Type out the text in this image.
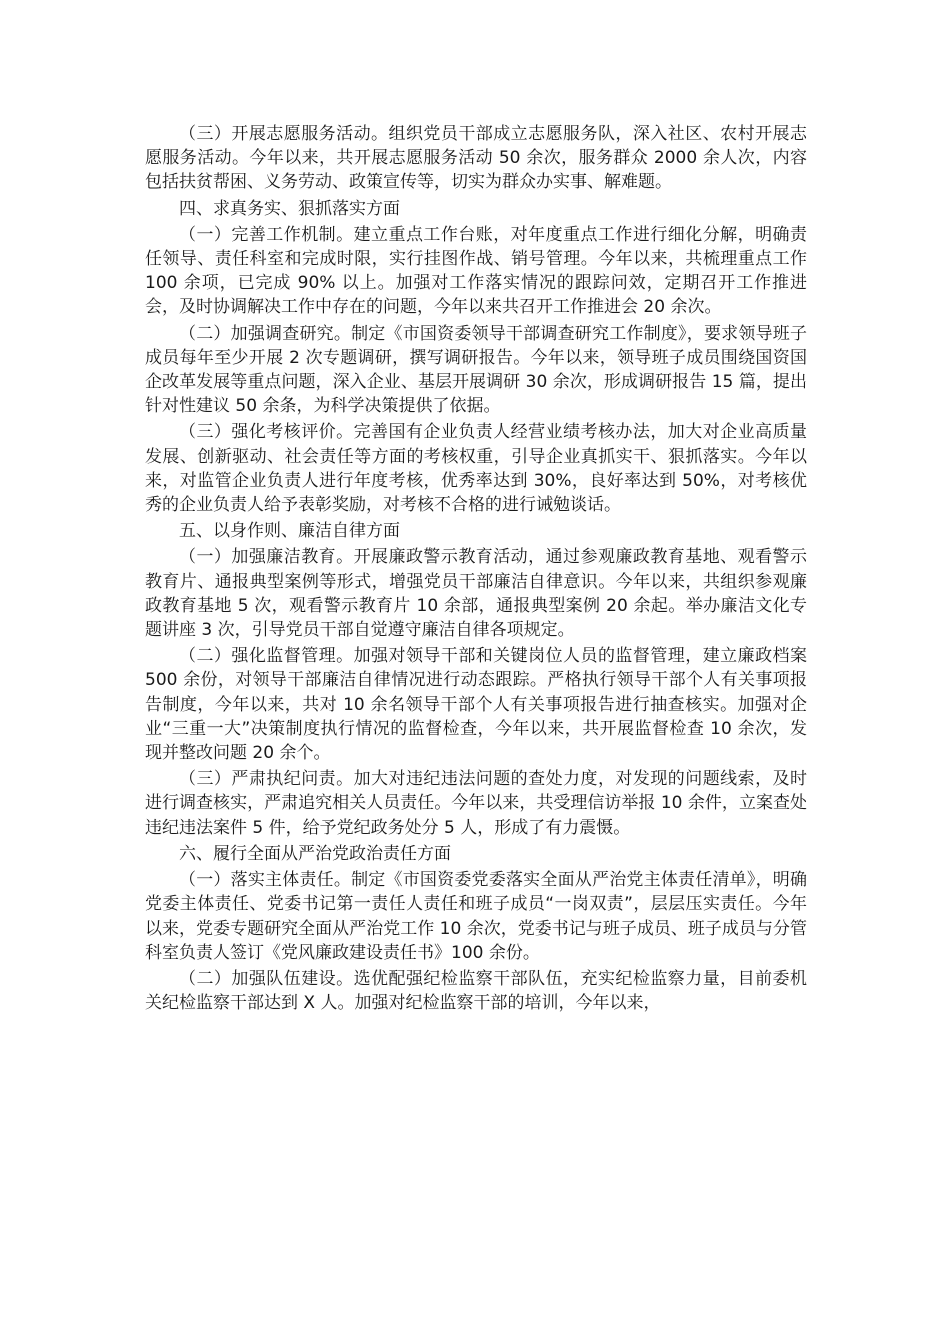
（三）开展志愿服务活动。组织党员干部成立志愿服务队，深入社区、农村开展志愿服务活动。今年以来，共开展志愿服务活动 50 余次，服务群众 2000 余人次，内容包括扶贫帮困、义务劳动、政策宣传等，切实为群众办实事、解难题。

四、求真务实、狠抓落实方面

（一）完善工作机制。建立重点工作台账，对年度重点工作进行细化分解，明确责任领导、责任科室和完成时限，实行挂图作战、销号管理。今年以来，共梳理重点工作 100 余项，已完成 90% 以上。加强对工作落实情况的跟踪问效，定期召开工作推进会，及时协调解决工作中存在的问题，今年以来共召开工作推进会 20 余次。

（二）加强调查研究。制定《市国资委领导干部调查研究工作制度》，要求领导班子成员每年至少开展 2 次专题调研，撰写调研报告。今年以来，领导班子成员围绕国资国企改革发展等重点问题，深入企业、基层开展调研 30 余次，形成调研报告 15 篇，提出针对性建议 50 余条，为科学决策提供了依据。

（三）强化考核评价。完善国有企业负责人经营业绩考核办法，加大对企业高质量发展、创新驱动、社会责任等方面的考核权重，引导企业真抓实干、狠抓落实。今年以来，对监管企业负责人进行年度考核，优秀率达到 30%，良好率达到 50%，对考核优秀的企业负责人给予表彰奖励，对考核不合格的进行诫勉谈话。

五、以身作则、廉洁自律方面

（一）加强廉洁教育。开展廉政警示教育活动，通过参观廉政教育基地、观看警示教育片、通报典型案例等形式，增强党员干部廉洁自律意识。今年以来，共组织参观廉政教育基地 5 次，观看警示教育片 10 余部，通报典型案例 20 余起。举办廉洁文化专题讲座 3 次，引导党员干部自觉遵守廉洁自律各项规定。

（二）强化监督管理。加强对领导干部和关键岗位人员的监督管理，建立廉政档案 500 余份，对领导干部廉洁自律情况进行动态跟踪。严格执行领导干部个人有关事项报告制度，今年以来，共对 10 余名领导干部个人有关事项报告进行抽查核实。加强对企业“三重一大”决策制度执行情况的监督检查，今年以来，共开展监督检查 10 余次，发现并整改问题 20 余个。

（三）严肃执纪问责。加大对违纪违法问题的查处力度，对发现的问题线索，及时进行调查核实，严肃追究相关人员责任。今年以来，共受理信访举报 10 余件，立案查处违纪违法案件 5 件，给予党纪政务处分 5 人，形成了有力震慑。

六、履行全面从严治党政治责任方面

（一）落实主体责任。制定《市国资委党委落实全面从严治党主体责任清单》，明确党委主体责任、党委书记第一责任人责任和班子成员“一岗双责”，层层压实责任。今年以来，党委专题研究全面从严治党工作 10 余次，党委书记与班子成员、班子成员与分管科室负责人签订《党风廉政建设责任书》100 余份。

（二）加强队伍建设。选优配强纪检监察干部队伍，充实纪检监察力量，目前委机关纪检监察干部达到 X 人。加强对纪检监察干部的培训，今年以来，
